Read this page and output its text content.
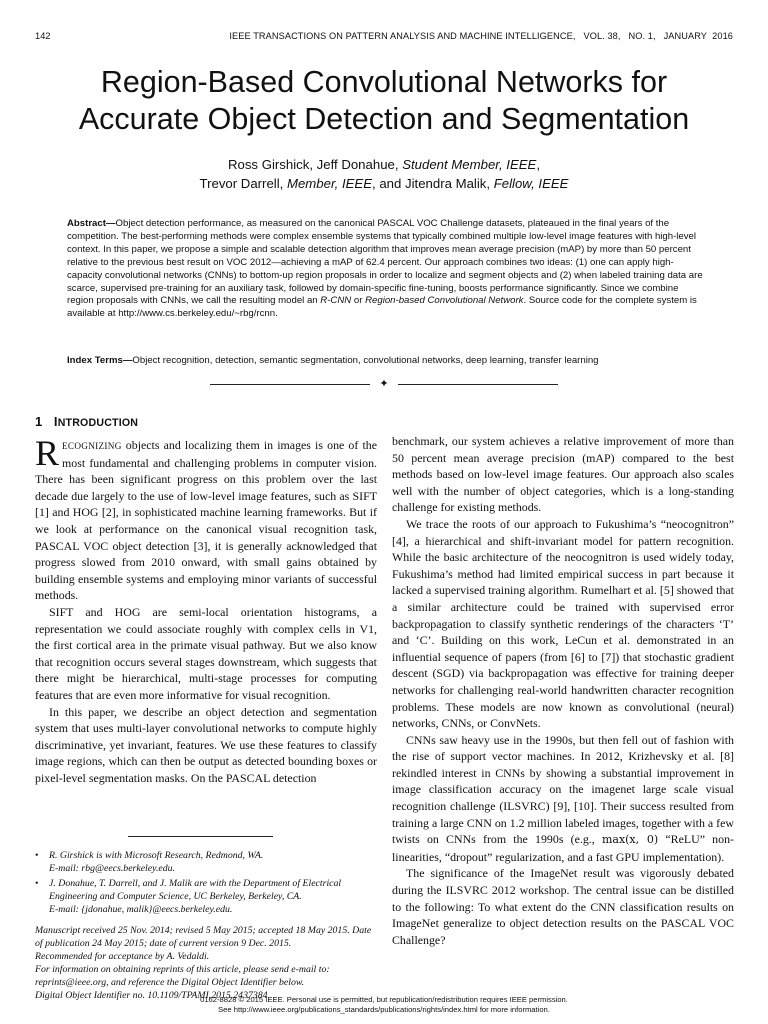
142	IEEE TRANSACTIONS ON PATTERN ANALYSIS AND MACHINE INTELLIGENCE,   VOL. 38,   NO. 1,   JANUARY  2016
Region-Based Convolutional Networks for
Accurate Object Detection and Segmentation
Ross Girshick, Jeff Donahue, Student Member, IEEE,
Trevor Darrell, Member, IEEE, and Jitendra Malik, Fellow, IEEE

Abstract—Object detection performance, as measured on the canonical PASCAL VOC Challenge datasets, plateaued in the final years of the competition. The best-performing methods were complex ensemble systems that typically combined multiple low-level image features with high-level context. In this paper, we propose a simple and scalable detection algorithm that improves mean average precision (mAP) by more than 50 percent relative to the previous best result on VOC 2012—achieving a mAP of 62.4 percent. Our approach combines two ideas: (1) one can apply high-capacity convolutional networks (CNNs) to bottom-up region proposals in order to localize and segment objects and (2) when labeled training data are scarce, supervised pre-training for an auxiliary task, followed by domain-specific fine-tuning, boosts performance significantly. Since we combine region proposals with CNNs, we call the resulting model an R-CNN or Region-based Convolutional Network. Source code for the complete system is available at http://www.cs.berkeley.edu/~rbg/rcnn.

Index Terms—Object recognition, detection, semantic segmentation, convolutional networks, deep learning, transfer learning

✦
1 INTRODUCTION

RECOGNIZING objects and localizing them in images is one of the most fundamental and challenging problems in computer vision. There has been significant progress on this problem over the last decade due largely to the use of low-level image features, such as SIFT [1] and HOG [2], in sophisticated machine learning frameworks. But if we look at performance on the canonical visual recognition task, PASCAL VOC object detection [3], it is generally acknowledged that progress slowed from 2010 onward, with small gains obtained by building ensemble systems and employing minor variants of successful methods.

SIFT and HOG are semi-local orientation histograms, a representation we could associate roughly with complex cells in V1, the first cortical area in the primate visual pathway. But we also know that recognition occurs several stages downstream, which suggests that there might be hierarchical, multi-stage processes for computing features that are even more informative for visual recognition.

In this paper, we describe an object detection and segmentation system that uses multi-layer convolutional networks to compute highly discriminative, yet invariant, features. We use these features to classify image regions, which can then be output as detected bounding boxes or pixel-level segmentation masks. On the PASCAL detection

benchmark, our system achieves a relative improvement of more than 50 percent mean average precision (mAP) compared to the best methods based on low-level image features. Our approach also scales well with the number of object categories, which is a long-standing challenge for existing methods.

We trace the roots of our approach to Fukushima’s “neocognitron” [4], a hierarchical and shift-invariant model for pattern recognition. While the basic architecture of the neocognitron is used widely today, Fukushima’s method had limited empirical success in part because it lacked a supervised training algorithm. Rumelhart et al. [5] showed that a similar architecture could be trained with supervised error backpropagation to classify synthetic renderings of the characters ‘T’ and ‘C’. Building on this work, LeCun et al. demonstrated in an influential sequence of papers (from [6] to [7]) that stochastic gradient descent (SGD) via backpropagation was effective for training deeper networks for challenging real-world handwritten character recognition problems. These models are now known as convolutional (neural) networks, CNNs, or ConvNets.

CNNs saw heavy use in the 1990s, but then fell out of fashion with the rise of support vector machines. In 2012, Krizhevsky et al. [8] rekindled interest in CNNs by showing a substantial improvement in image classification accuracy on the imagenet large scale visual recognition challenge (ILSVRC) [9], [10]. Their success resulted from training a large CNN on 1.2 million labeled images, together with a few twists on CNNs from the 1990s (e.g., max(x, 0) “ReLU” non-linearities, “dropout” regularization, and a fast GPU implementation).

The significance of the ImageNet result was vigorously debated during the ILSVRC 2012 workshop. The central issue can be distilled to the following: To what extent do the CNN classification results on ImageNet generalize to object detection results on the PASCAL VOC Challenge?

• R. Girshick is with Microsoft Research, Redmond, WA.
E-mail: rbg@eecs.berkeley.edu.
• J. Donahue, T. Darrell, and J. Malik are with the Department of Electrical Engineering and Computer Science, UC Berkeley, Berkeley, CA.
E-mail: {jdonahue, malik}@eecs.berkeley.edu.

Manuscript received 25 Nov. 2014; revised 5 May 2015; accepted 18 May 2015. Date of publication 24 May 2015; date of current version 9 Dec. 2015.

Recommended for acceptance by A. Vedaldi.

For information on obtaining reprints of this article, please send e-mail to: reprints@ieee.org, and reference the Digital Object Identifier below.

Digital Object Identifier no. 10.1109/TPAMI.2015.2437384

0162-8828 © 2015 IEEE. Personal use is permitted, but republication/redistribution requires IEEE permission.
See http://www.ieee.org/publications_standards/publications/rights/index.html for more information.
